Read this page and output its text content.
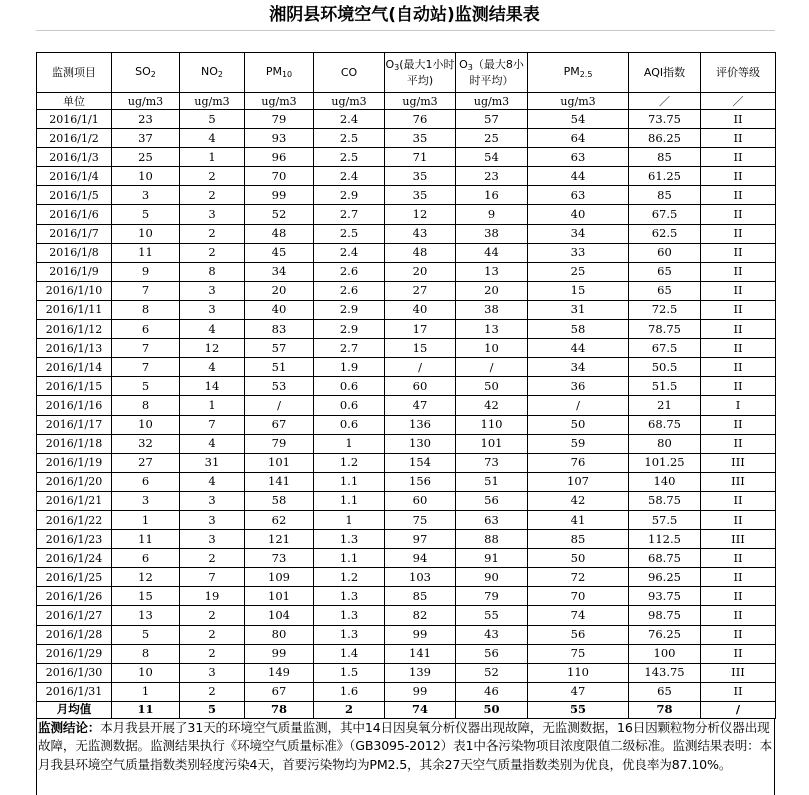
湘阴县环境空气(自动站)监测结果表
监测项目	$SO_2$	$NO_2$	$PM_{10}$	CO	$O_3$(最大1小时平均)	$O_3$（最大8小时平均）	$PM_{2.5}$	AQI指数	评价等级
单位	ug/m3	ug/m3	ug/m3	ug/m3	ug/m3	ug/m3	ug/m3	／	／
2016/1/1	23	5	79	2.4	76	57	54	73.75	II
2016/1/2	37	4	93	2.5	35	25	64	86.25	II
2016/1/3	25	1	96	2.5	71	54	63	85	II
2016/1/4	10	2	70	2.4	35	23	44	61.25	II
2016/1/5	3	2	99	2.9	35	16	63	85	II
2016/1/6	5	3	52	2.7	12	9	40	67.5	II
2016/1/7	10	2	48	2.5	43	38	34	62.5	II
2016/1/8	11	2	45	2.4	48	44	33	60	II
2016/1/9	9	8	34	2.6	20	13	25	65	II
2016/1/10	7	3	20	2.6	27	20	15	65	II
2016/1/11	8	3	40	2.9	40	38	31	72.5	II
2016/1/12	6	4	83	2.9	17	13	58	78.75	II
2016/1/13	7	12	57	2.7	15	10	44	67.5	II
2016/1/14	7	4	51	1.9	/	/	34	50.5	II
2016/1/15	5	14	53	0.6	60	50	36	51.5	II
2016/1/16	8	1	/	0.6	47	42	/	21	I
2016/1/17	10	7	67	0.6	136	110	50	68.75	II
2016/1/18	32	4	79	1	130	101	59	80	II
2016/1/19	27	31	101	1.2	154	73	76	101.25	III
2016/1/20	6	4	141	1.1	156	51	107	140	III
2016/1/21	3	3	58	1.1	60	56	42	58.75	II
2016/1/22	1	3	62	1	75	63	41	57.5	II
2016/1/23	11	3	121	1.3	97	88	85	112.5	III
2016/1/24	6	2	73	1.1	94	91	50	68.75	II
2016/1/25	12	7	109	1.2	103	90	72	96.25	II
2016/1/26	15	19	101	1.3	85	79	70	93.75	II
2016/1/27	13	2	104	1.3	82	55	74	98.75	II
2016/1/28	5	2	80	1.3	99	43	56	76.25	II
2016/1/29	8	2	99	1.4	141	56	75	100	II
2016/1/30	10	3	149	1.5	139	52	110	143.75	III
2016/1/31	1	2	67	1.6	99	46	47	65	II
月均值	11	5	78	2	74	50	55	78	/
监测结论：本月我县开展了31天的环境空气质量监测，其中14日因臭氧分析仪器出现故障，无监测数据，16日因颗粒物分析仪器出现故障，无监测数据。监测结果执行《环境空气质量标准》（GB3095-2012）表1中各污染物项目浓度限值二级标准。监测结果表明：本月我县环境空气质量指数类别轻度污染4天，首要污染物均为PM2.5，其余27天空气质量指数类别为优良，优良率为87.10%。
